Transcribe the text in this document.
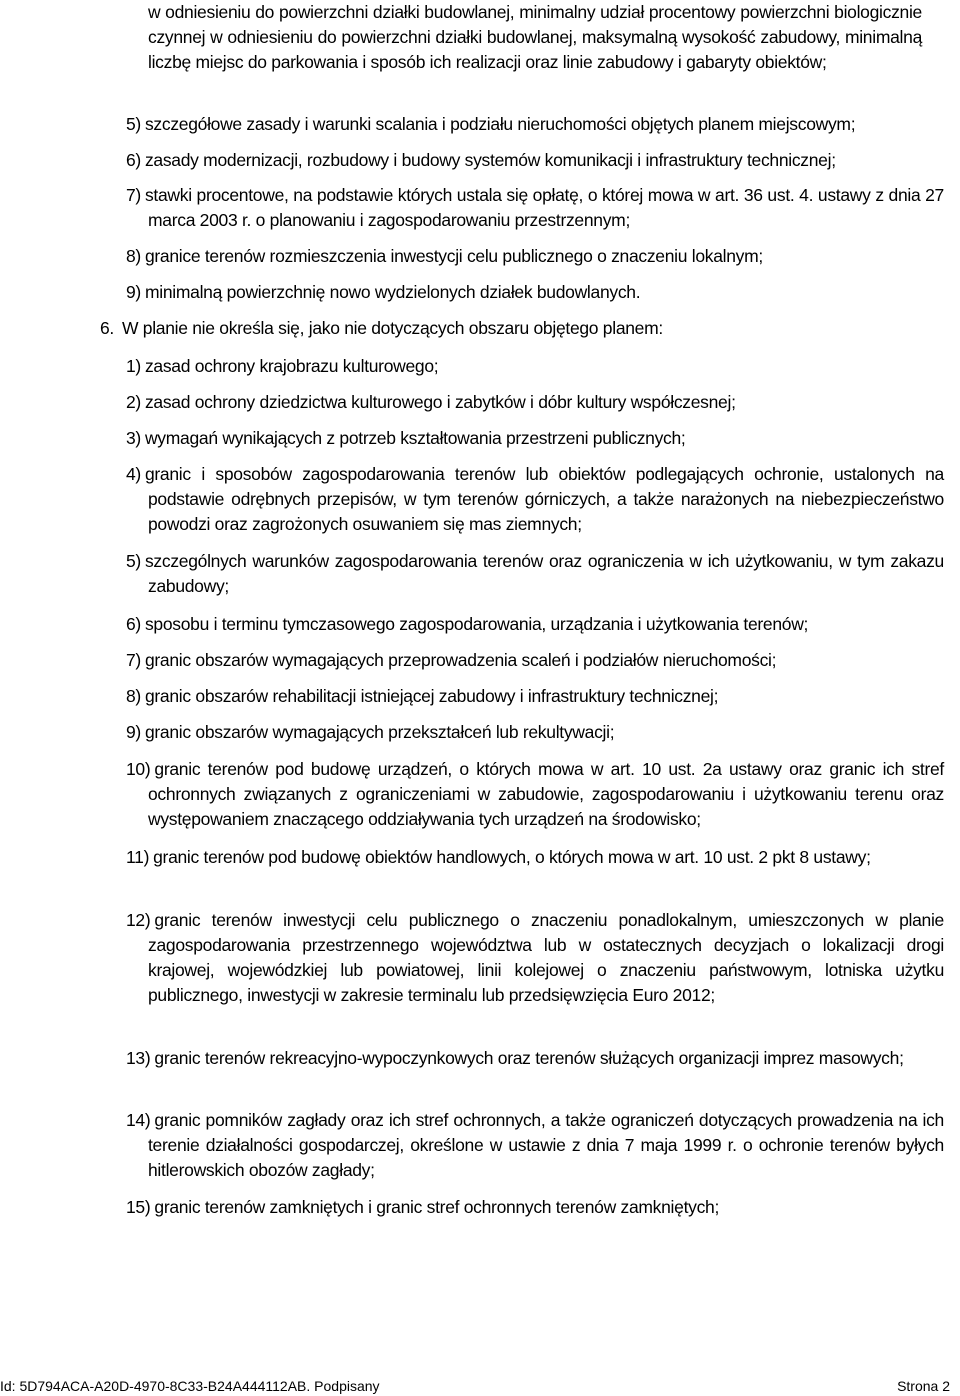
w odniesieniu do powierzchni działki budowlanej, minimalny udział procentowy powierzchni biologicznie czynnej w odniesieniu do powierzchni działki budowlanej, maksymalną wysokość zabudowy, minimalną liczbę miejsc do parkowania i sposób ich realizacji oraz linie zabudowy i gabaryty obiektów;
5) szczegółowe zasady i warunki scalania i podziału nieruchomości objętych planem miejscowym;
6) zasady modernizacji, rozbudowy i budowy systemów komunikacji i infrastruktury technicznej;
7) stawki procentowe, na podstawie których ustala się opłatę, o której mowa w art. 36 ust. 4. ustawy z dnia 27 marca 2003 r. o planowaniu i zagospodarowaniu przestrzennym;
8) granice terenów rozmieszczenia inwestycji celu publicznego o znaczeniu lokalnym;
9) minimalną powierzchnię nowo wydzielonych działek budowlanych.
6. W planie nie określa się, jako nie dotyczących obszaru objętego planem:
1) zasad ochrony krajobrazu kulturowego;
2) zasad ochrony dziedzictwa kulturowego i zabytków i dóbr kultury współczesnej;
3) wymagań wynikających z potrzeb kształtowania przestrzeni publicznych;
4) granic i sposobów zagospodarowania terenów lub obiektów podlegających ochronie, ustalonych na podstawie odrębnych przepisów, w tym terenów górniczych, a także narażonych na niebezpieczeństwo powodzi oraz zagrożonych osuwaniem się mas ziemnych;
5) szczególnych warunków zagospodarowania terenów oraz ograniczenia w ich użytkowaniu, w tym zakazu zabudowy;
6) sposobu i terminu tymczasowego zagospodarowania, urządzania i użytkowania terenów;
7) granic obszarów wymagających przeprowadzenia scaleń i podziałów nieruchomości;
8) granic obszarów rehabilitacji istniejącej zabudowy i infrastruktury technicznej;
9) granic obszarów wymagających przekształceń lub rekultywacji;
10) granic terenów pod budowę urządzeń, o których mowa w art. 10 ust. 2a ustawy oraz granic ich stref ochronnych związanych z ograniczeniami w zabudowie, zagospodarowaniu i użytkowaniu terenu oraz występowaniem znaczącego oddziaływania tych urządzeń na środowisko;
11) granic terenów pod budowę obiektów handlowych, o których mowa w art. 10 ust. 2 pkt 8 ustawy;
12) granic terenów inwestycji celu publicznego o znaczeniu ponadlokalnym, umieszczonych w planie zagospodarowania przestrzennego województwa lub w ostatecznych decyzjach o lokalizacji drogi krajowej, wojewódzkiej lub powiatowej, linii kolejowej o znaczeniu państwowym, lotniska użytku publicznego, inwestycji w zakresie terminalu lub przedsięwzięcia Euro 2012;
13) granic terenów rekreacyjno-wypoczynkowych oraz terenów służących organizacji imprez masowych;
14) granic pomników zagłady oraz ich stref ochronnych, a także ograniczeń dotyczących prowadzenia na ich terenie działalności gospodarczej, określone w ustawie z dnia 7 maja 1999 r. o ochronie terenów byłych hitlerowskich obozów zagłady;
15) granic terenów zamkniętych i granic stref ochronnych terenów zamkniętych;
Id: 5D794ACA-A20D-4970-8C33-B24A444112AB. Podpisany	Strona 2
